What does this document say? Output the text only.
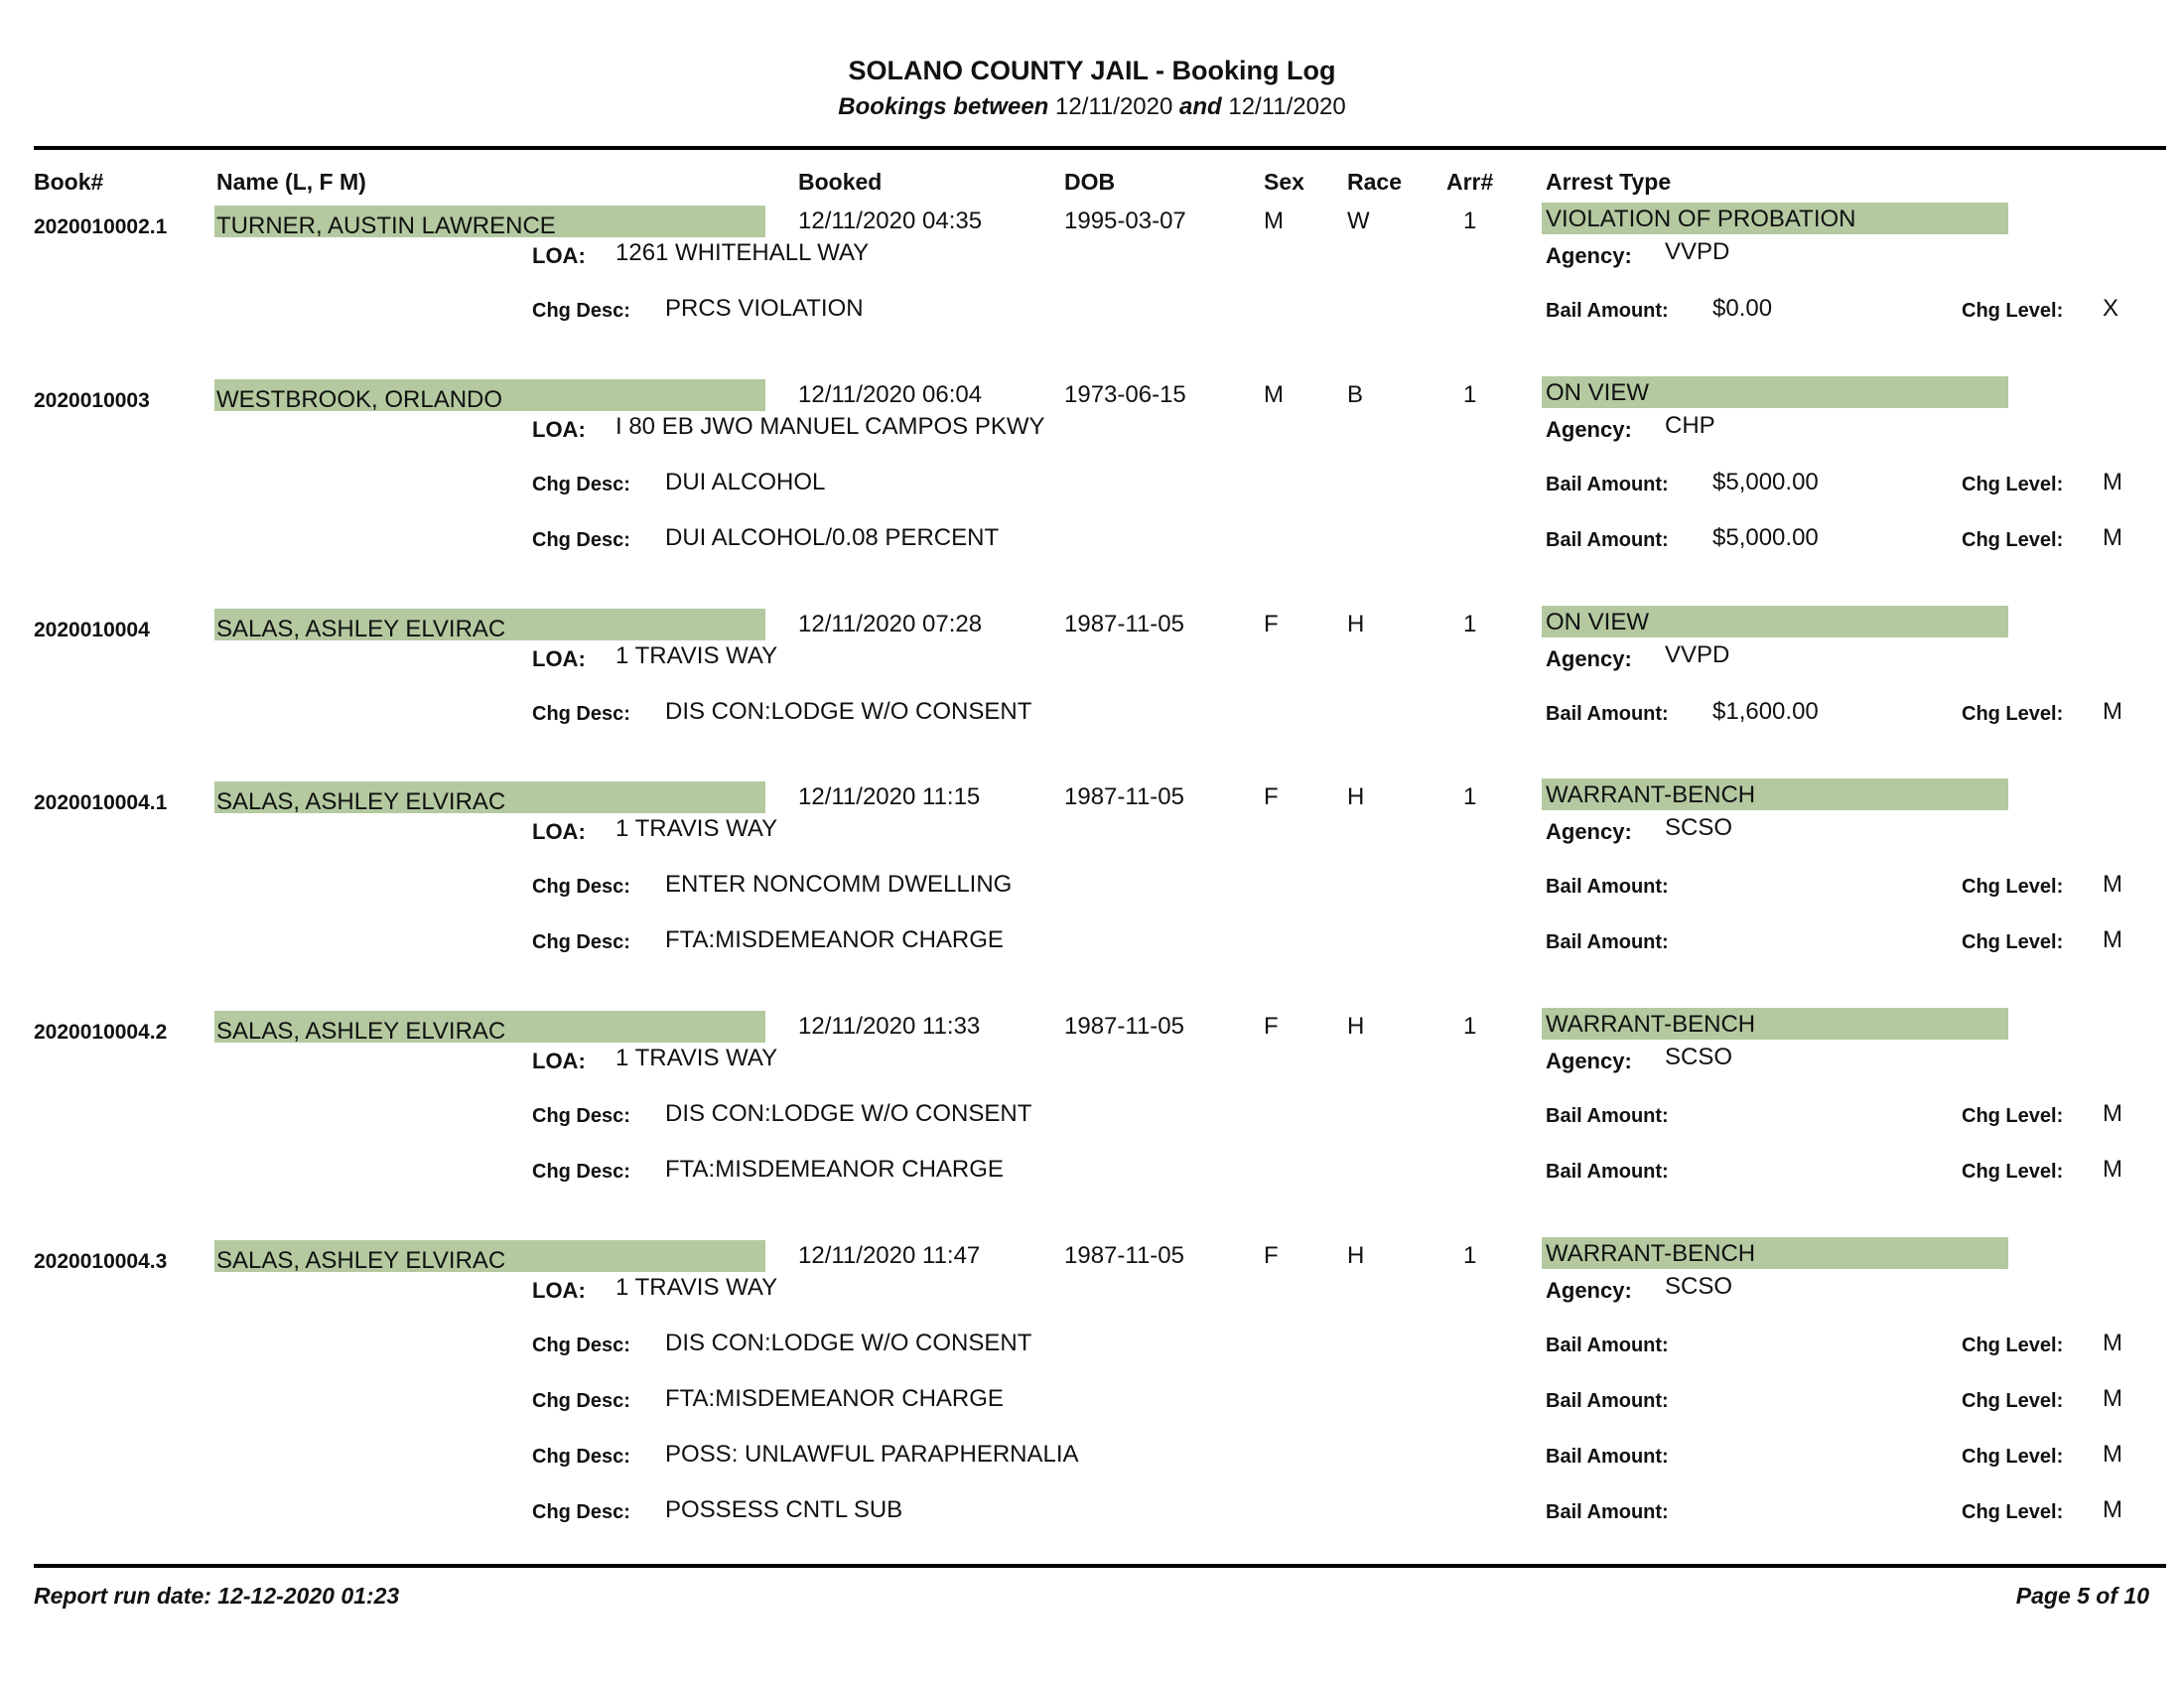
SOLANO COUNTY JAIL - Booking Log
Bookings between 12/11/2020 and 12/11/2020
Book#	Name (L, F M)	Booked	DOB	Sex Race Arr# Arrest Type
2020010002.1 TURNER, AUSTIN LAWRENCE	12/11/2020 04:35	1995-03-07	M	W	1	VIOLATION OF PROBATION
LOA: 1261 WHITEHALL WAY	Agency: VVPD
Chg Desc: PRCS VIOLATION	Bail Amount: $0.00	Chg Level: X
2020010003	WESTBROOK, ORLANDO	12/11/2020 06:04	1973-06-15	M	B	1	ON VIEW
LOA: I 80 EB JWO MANUEL CAMPOS PKWY	Agency: CHP
Chg Desc: DUI ALCOHOL	Bail Amount: $5,000.00	Chg Level: M
Chg Desc: DUI ALCOHOL/0.08 PERCENT	Bail Amount: $5,000.00	Chg Level: M
2020010004	SALAS, ASHLEY ELVIRAC	12/11/2020 07:28	1987-11-05	F	H	1	ON VIEW
LOA: 1 TRAVIS WAY	Agency: VVPD
Chg Desc: DIS CON:LODGE W/O CONSENT	Bail Amount: $1,600.00	Chg Level: M
2020010004.1 SALAS, ASHLEY ELVIRAC	12/11/2020 11:15	1987-11-05	F	H	1	WARRANT-BENCH
LOA: 1 TRAVIS WAY	Agency: SCSO
Chg Desc: ENTER NONCOMM DWELLING	Bail Amount:	Chg Level: M
Chg Desc: FTA:MISDEMEANOR CHARGE	Bail Amount:	Chg Level: M
2020010004.2 SALAS, ASHLEY ELVIRAC	12/11/2020 11:33	1987-11-05	F	H	1	WARRANT-BENCH
LOA: 1 TRAVIS WAY	Agency: SCSO
Chg Desc: DIS CON:LODGE W/O CONSENT	Bail Amount:	Chg Level: M
Chg Desc: FTA:MISDEMEANOR CHARGE	Bail Amount:	Chg Level: M
2020010004.3 SALAS, ASHLEY ELVIRAC	12/11/2020 11:47	1987-11-05	F	H	1	WARRANT-BENCH
LOA: 1 TRAVIS WAY	Agency: SCSO
Chg Desc: DIS CON:LODGE W/O CONSENT	Bail Amount:	Chg Level: M
Chg Desc: FTA:MISDEMEANOR CHARGE	Bail Amount:	Chg Level: M
Chg Desc: POSS: UNLAWFUL PARAPHERNALIA	Bail Amount:	Chg Level: M
Chg Desc: POSSESS CNTL SUB	Bail Amount:	Chg Level: M
Report run date: 12-12-2020 01:23	Page 5 of 10
